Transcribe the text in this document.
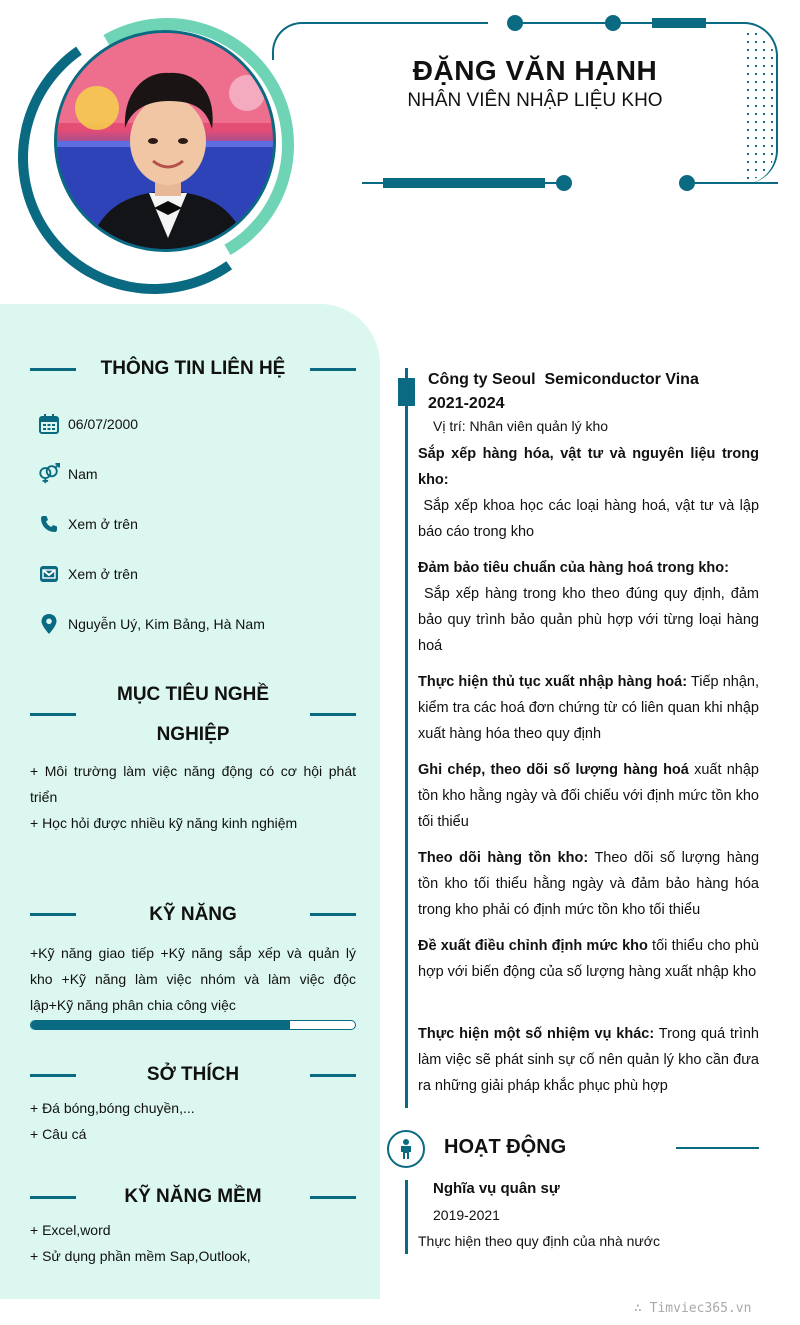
ĐẶNG VĂN HẠNH
NHÂN VIÊN NHẬP LIỆU KHO
THÔNG TIN LIÊN HỆ
06/07/2000
Nam
Xem ở trên
Xem ở trên
Nguyễn Uý, Kim Bảng, Hà Nam
MỤC TIÊU NGHỀ
NGHIỆP
+ Môi trường làm việc năng động có cơ hội phát triển
+ Học hỏi được nhiều kỹ năng kinh nghiệm
KỸ NĂNG
+Kỹ năng giao tiếp +Kỹ năng sắp xếp và quản lý kho +Kỹ năng làm việc nhóm và làm việc độc lập+Kỹ năng phân chia công việc
SỞ THÍCH
+ Đá bóng,bóng chuyền,...
+ Câu cá
KỸ NĂNG MỀM
+ Excel,word
+ Sử dụng phần mềm Sap,Outlook,
Công ty Seoul  Semiconductor Vina
2021-2024
Vị trí: Nhân viên quản lý kho
Sắp xếp hàng hóa, vật tư và nguyên liệu trong kho:
Sắp xếp khoa học các loại hàng hoá, vật tư và lập báo cáo trong kho
Đảm bảo tiêu chuẩn của hàng hoá trong kho:
Sắp xếp hàng trong kho theo đúng quy định, đảm bảo quy trình bảo quản phù hợp với từng loại hàng hoá
Thực hiện thủ tục xuất nhập hàng hoá: Tiếp nhận, kiểm tra các hoá đơn chứng từ có liên quan khi nhập xuất hàng hóa theo quy định
Ghi chép, theo dõi số lượng hàng hoá xuất nhập tồn kho hằng ngày và đối chiếu với định mức tồn kho tối thiểu
Theo dõi hàng tồn kho: Theo dõi số lượng hàng tồn kho tối thiểu hằng ngày và đảm bảo hàng hóa trong kho phải có định mức tồn kho tối thiểu
Đề xuất điều chỉnh định mức kho tối thiểu cho phù hợp với biến động của số lượng hàng xuất nhập kho
Thực hiện một số nhiệm vụ khác: Trong quá trình làm việc sẽ phát sinh sự cố nên quản lý kho cần đưa ra những giải pháp khắc phục phù hợp
HOẠT ĐỘNG
Nghĩa vụ quân sự
2019-2021
Thực hiện theo quy định của nhà nước
∴ Timviec365.vn
